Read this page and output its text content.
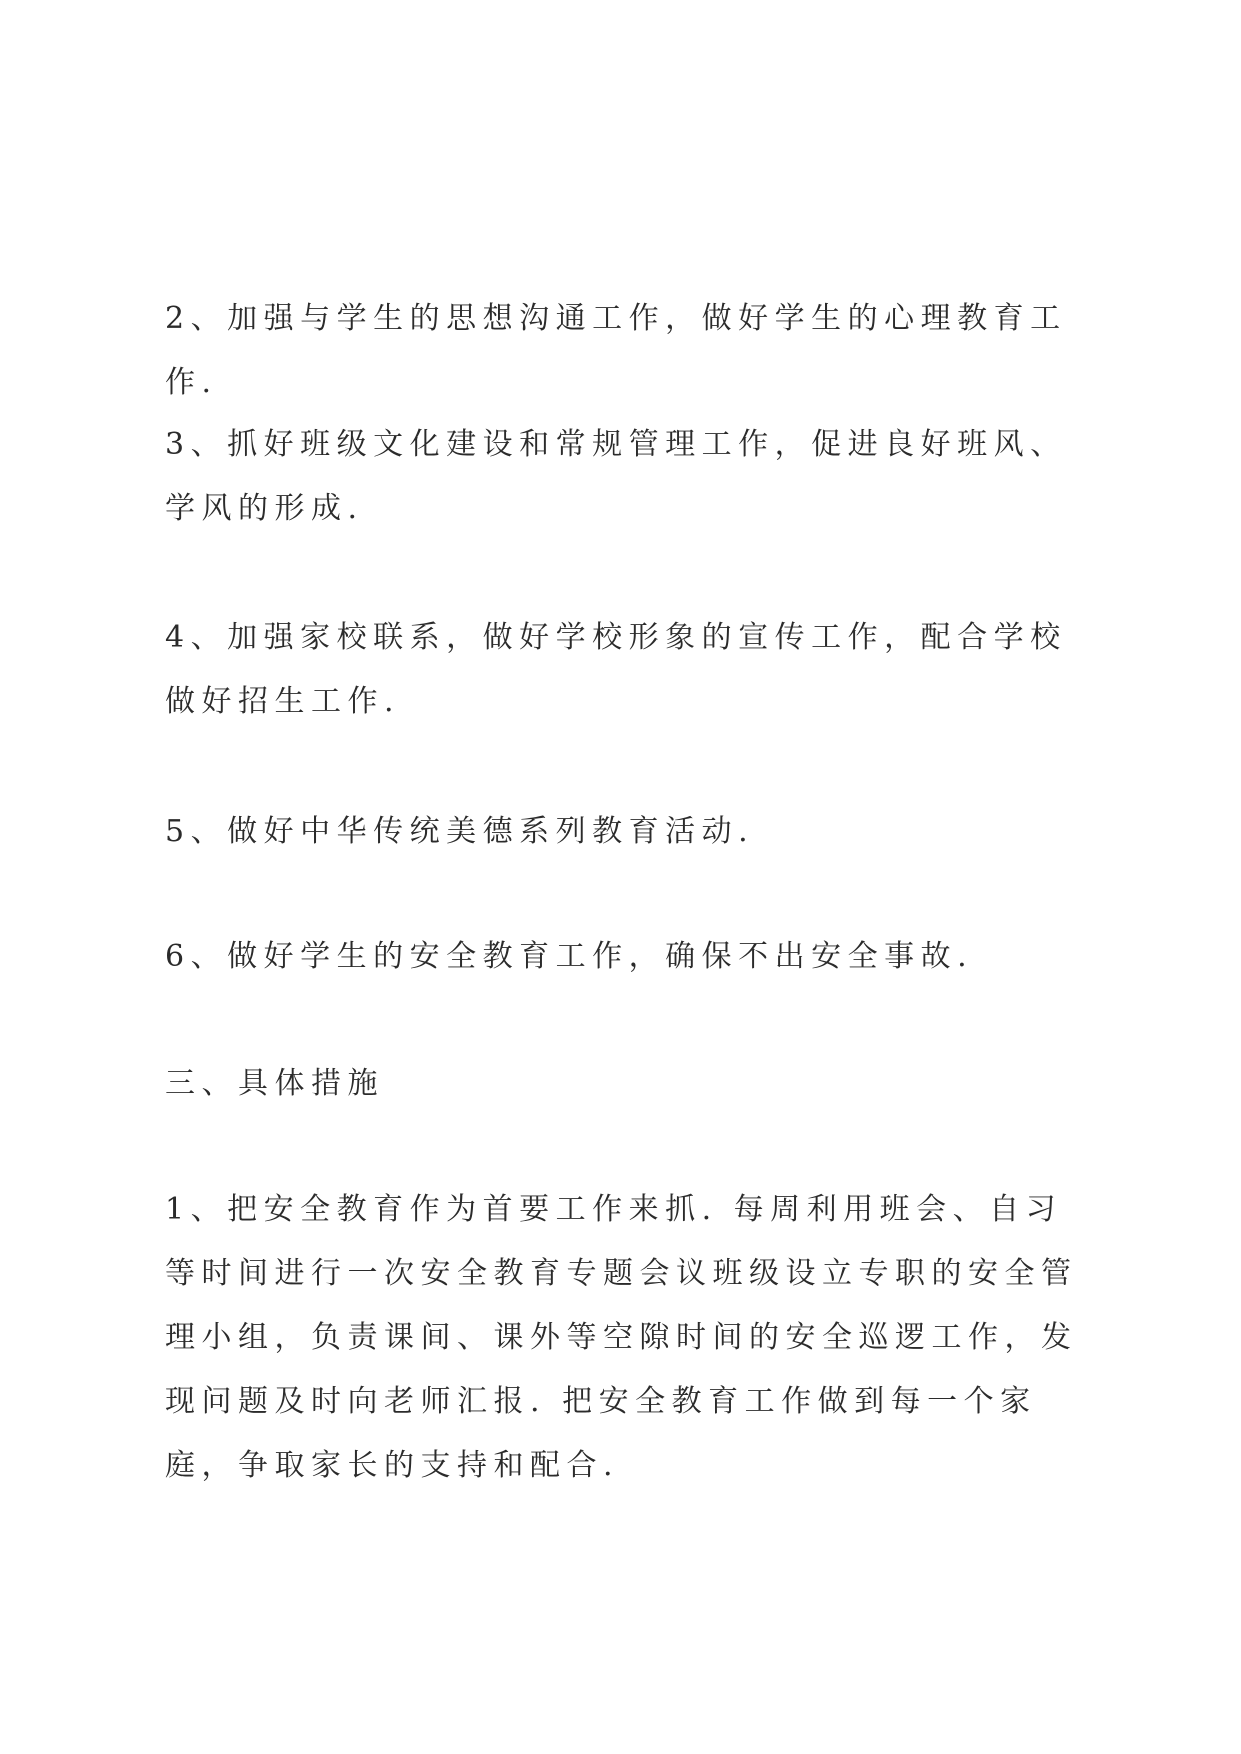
2、加强与学生的思想沟通工作，做好学生的心理教育工作.

3、抓好班级文化建设和常规管理工作，促进良好班风、学风的形成.

4、加强家校联系，做好学校形象的宣传工作，配合学校做好招生工作.

5、做好中华传统美德系列教育活动.

6、做好学生的安全教育工作，确保不出安全事故.

三、具体措施

1、把安全教育作为首要工作来抓. 每周利用班会、自习等时间进行一次安全教育专题会议班级设立专职的安全管理小组，负责课间、课外等空隙时间的安全巡逻工作，发现问题及时向老师汇报. 把安全教育工作做到每一个家庭，争取家长的支持和配合.
